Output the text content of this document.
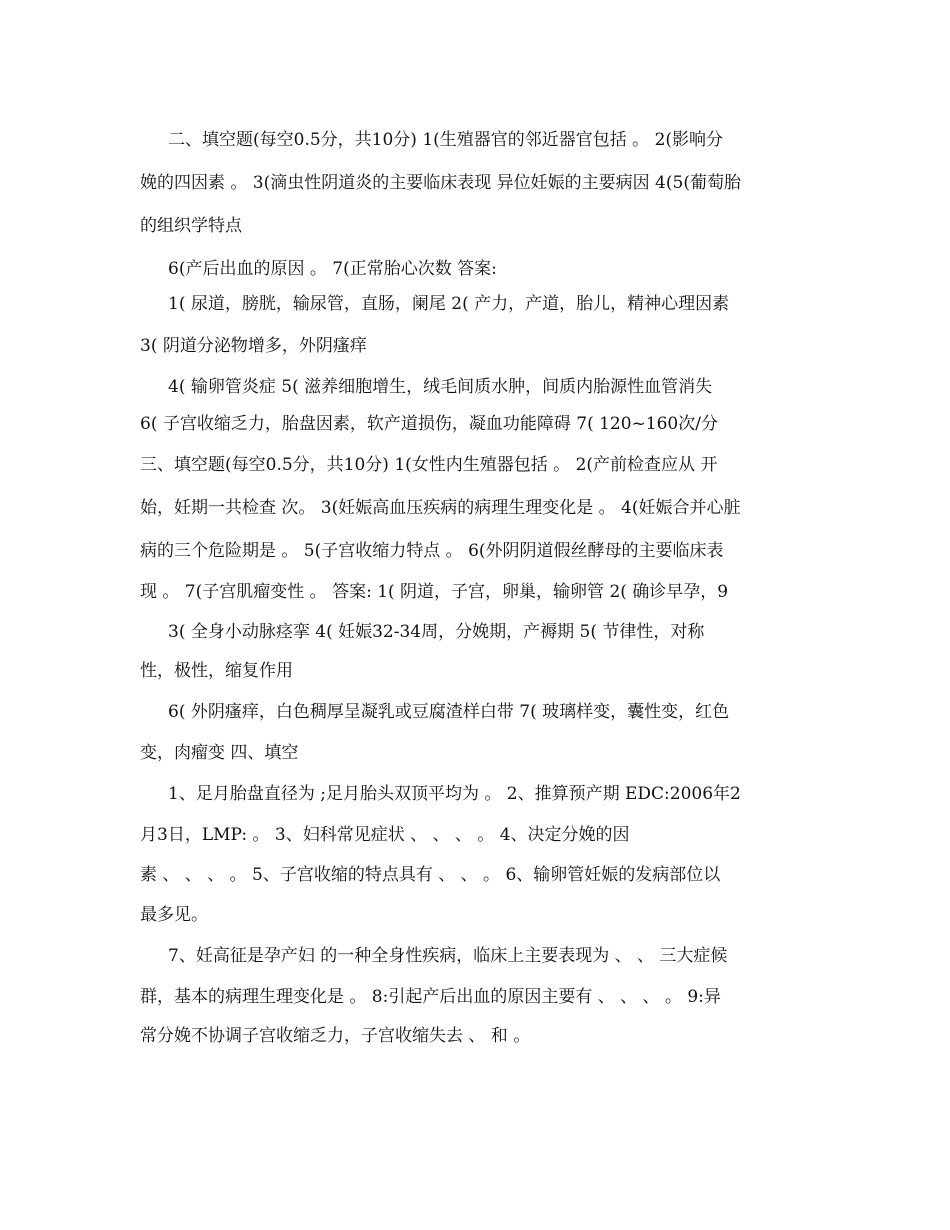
二、填空题(每空0.5分，共10分) 1(生殖器官的邻近器官包括 。 2(影响分
娩的四因素 。 3(滴虫性阴道炎的主要临床表现 异位妊娠的主要病因 4(5(葡萄胎
的组织学特点
6(产后出血的原因 。 7(正常胎心次数 答案:
1( 尿道，膀胱，输尿管，直肠，阑尾 2( 产力，产道，胎儿，精神心理因素
3( 阴道分泌物增多，外阴瘙痒
4( 输卵管炎症 5( 滋养细胞增生，绒毛间质水肿，间质内胎源性血管消失
6( 子宫收缩乏力，胎盘因素，软产道损伤，凝血功能障碍 7( 120~160次/分
三、填空题(每空0.5分，共10分) 1(女性内生殖器包括 。 2(产前检查应从 开
始，妊期一共检查 次。 3(妊娠高血压疾病的病理生理变化是 。 4(妊娠合并心脏
病的三个危险期是 。 5(子宫收缩力特点 。 6(外阴阴道假丝酵母的主要临床表
现 。 7(子宫肌瘤变性 。 答案: 1( 阴道，子宫，卵巢，输卵管 2( 确诊早孕，9
3( 全身小动脉痉挛 4( 妊娠32-34周，分娩期，产褥期 5( 节律性，对称
性，极性，缩复作用
6( 外阴瘙痒，白色稠厚呈凝乳或豆腐渣样白带 7( 玻璃样变，囊性变，红色
变，肉瘤变 四、填空
1、足月胎盘直径为 ;足月胎头双顶平均为 。 2、推算预产期 EDC:2006年2
月3日，LMP: 。 3、妇科常见症状 、 、 、 。 4、决定分娩的因
素 、 、 、 。 5、子宫收缩的特点具有 、 、 。 6、输卵管妊娠的发病部位以
最多见。
7、妊高征是孕产妇 的一种全身性疾病，临床上主要表现为 、 、 三大症候
群，基本的病理生理变化是 。 8:引起产后出血的原因主要有 、 、 、 。 9:异
常分娩不协调子宫收缩乏力，子宫收缩失去 、 和 。
